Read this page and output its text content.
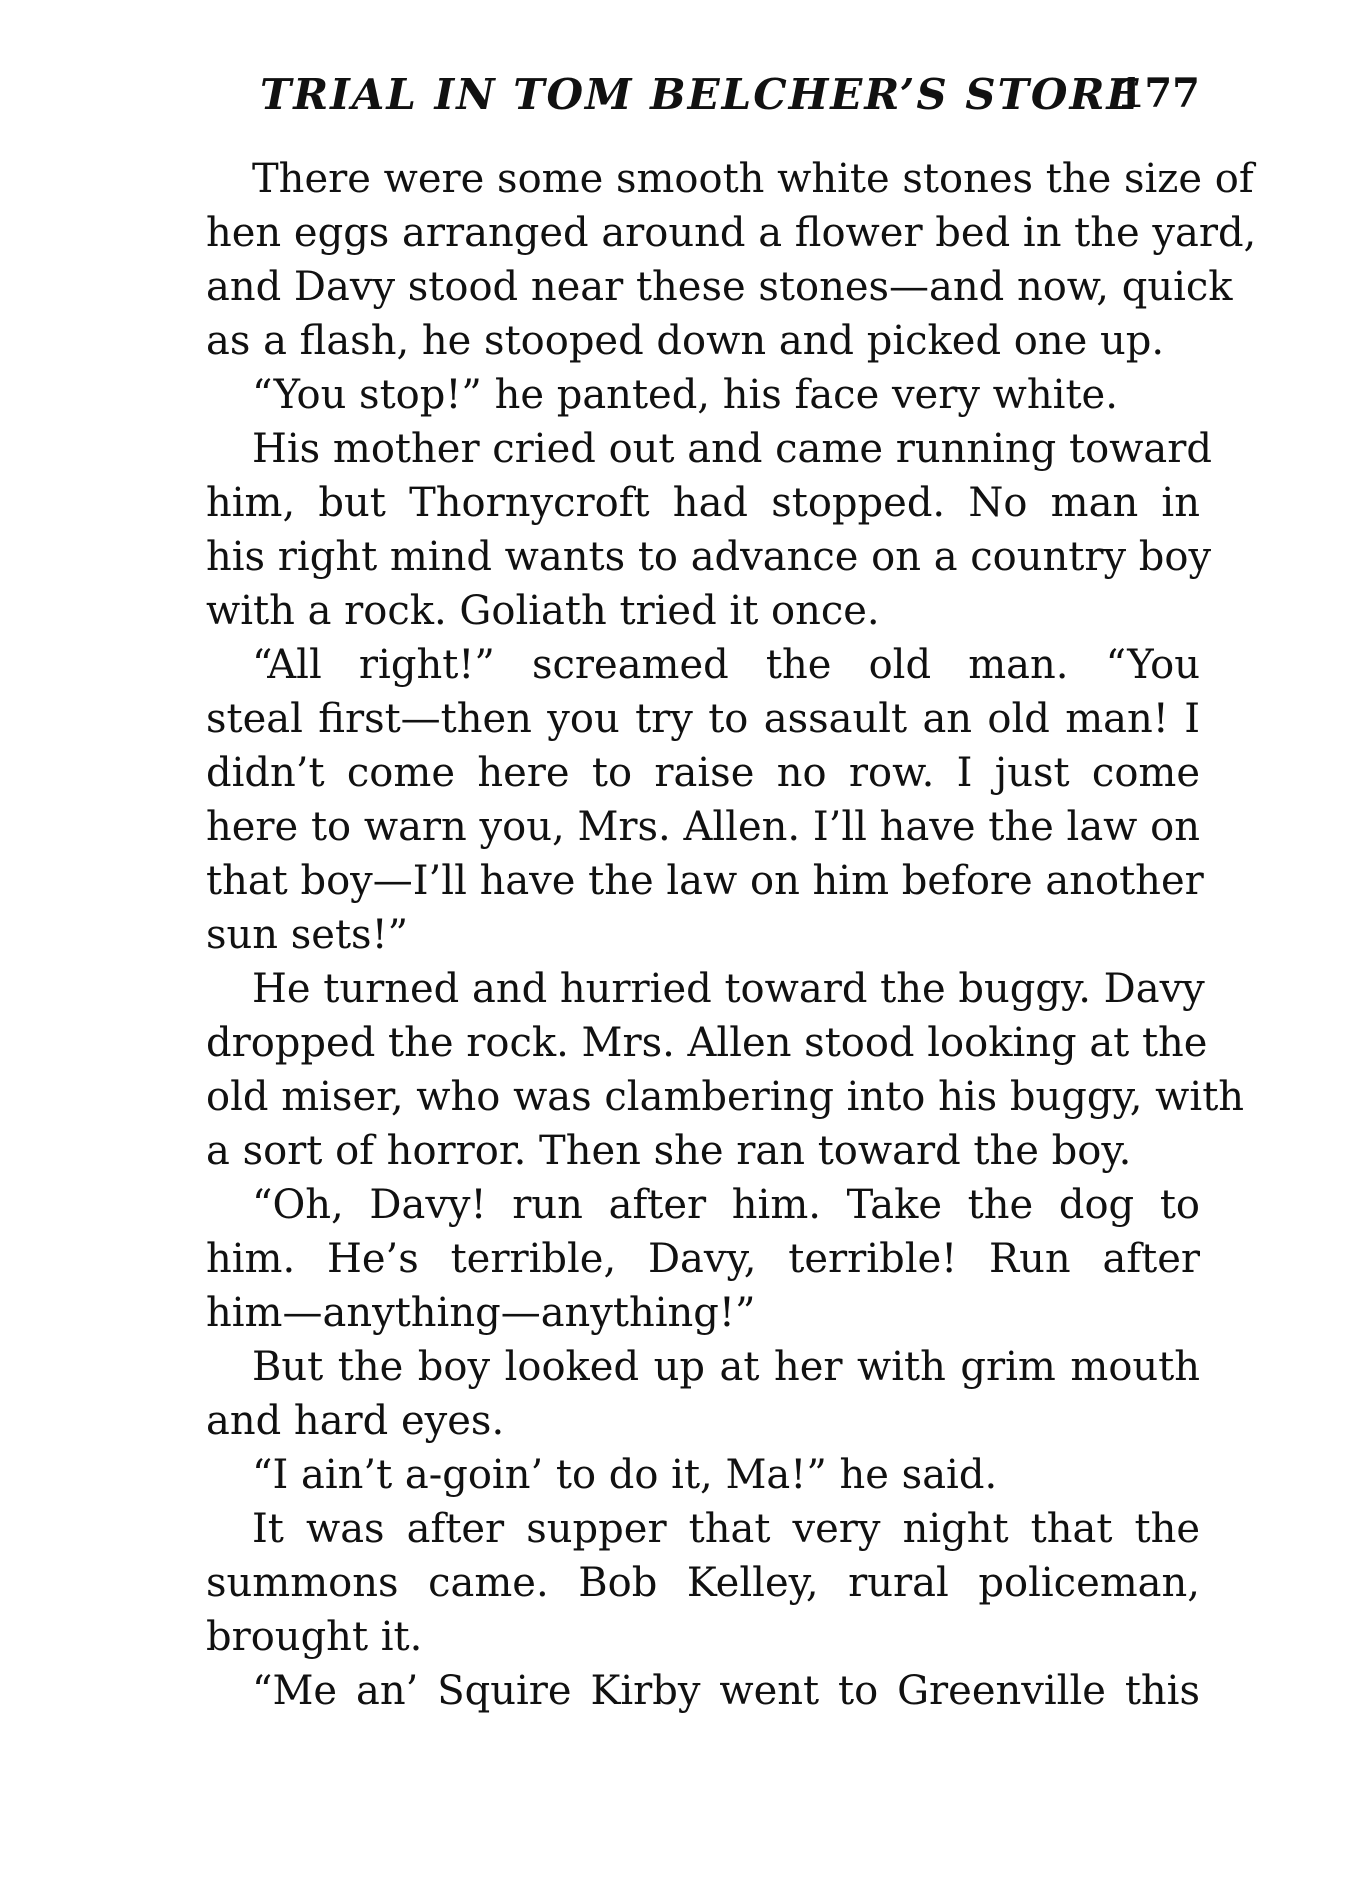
TRIAL IN TOM BELCHER’S STORE
177

There were some smooth white stones the size of
hen eggs arranged around a flower bed in the yard,
and Davy stood near these stones—and now, quick
as a flash, he stooped down and picked one up.

“You stop!” he panted, his face very white.

His mother cried out and came running toward
him, but Thornycroft had stopped. No man in
his right mind wants to advance on a country boy
with a rock. Goliath tried it once.

“All right!” screamed the old man. “You
steal first—then you try to assault an old man! I
didn’t come here to raise no row. I just come
here to warn you, Mrs. Allen. I’ll have the law on
that boy—I’ll have the law on him before another
sun sets!”

He turned and hurried toward the buggy. Davy
dropped the rock. Mrs. Allen stood looking at the
old miser, who was clambering into his buggy, with
a sort of horror. Then she ran toward the boy.

“Oh, Davy! run after him. Take the dog to
him. He’s terrible, Davy, terrible! Run after
him—anything—anything!”

But the boy looked up at her with grim mouth
and hard eyes.

“I ain’t a-goin’ to do it, Ma!” he said.

It was after supper that very night that the
summons came. Bob Kelley, rural policeman,
brought it.

“Me an’ Squire Kirby went to Greenville this
